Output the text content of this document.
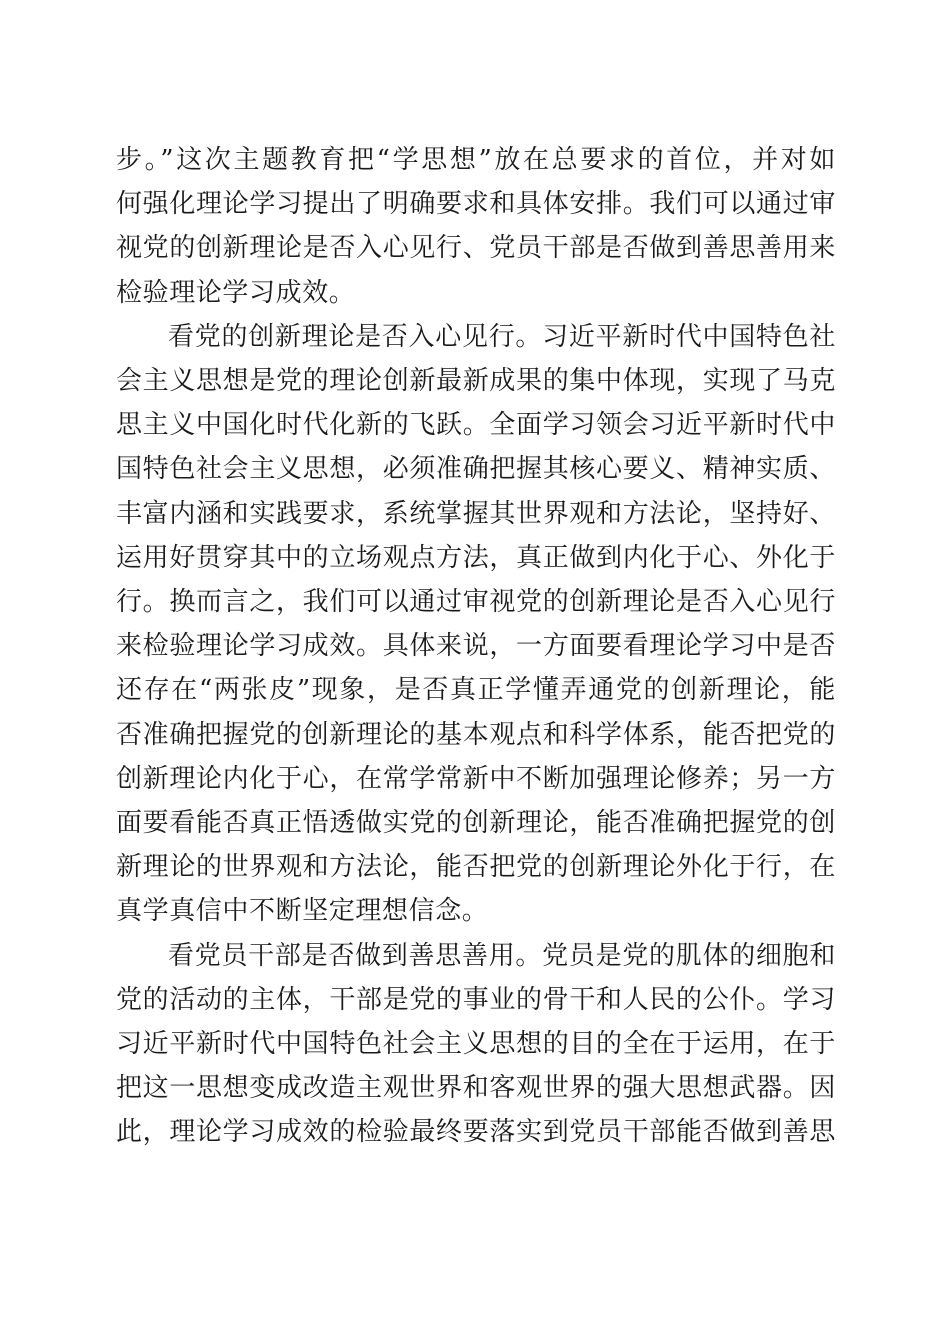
步。”这次主题教育把“学思想”放在总要求的首位，并对如
何强化理论学习提出了明确要求和具体安排。我们可以通过审
视党的创新理论是否入心见行、党员干部是否做到善思善用来
检验理论学习成效。
看党的创新理论是否入心见行。习近平新时代中国特色社
会主义思想是党的理论创新最新成果的集中体现，实现了马克
思主义中国化时代化新的飞跃。全面学习领会习近平新时代中
国特色社会主义思想，必须准确把握其核心要义、精神实质、
丰富内涵和实践要求，系统掌握其世界观和方法论，坚持好、
运用好贯穿其中的立场观点方法，真正做到内化于心、外化于
行。换而言之，我们可以通过审视党的创新理论是否入心见行
来检验理论学习成效。具体来说，一方面要看理论学习中是否
还存在“两张皮”现象，是否真正学懂弄通党的创新理论，能
否准确把握党的创新理论的基本观点和科学体系，能否把党的
创新理论内化于心，在常学常新中不断加强理论修养；另一方
面要看能否真正悟透做实党的创新理论，能否准确把握党的创
新理论的世界观和方法论，能否把党的创新理论外化于行，在
真学真信中不断坚定理想信念。
看党员干部是否做到善思善用。党员是党的肌体的细胞和
党的活动的主体，干部是党的事业的骨干和人民的公仆。学习
习近平新时代中国特色社会主义思想的目的全在于运用，在于
把这一思想变成改造主观世界和客观世界的强大思想武器。因
此，理论学习成效的检验最终要落实到党员干部能否做到善思
